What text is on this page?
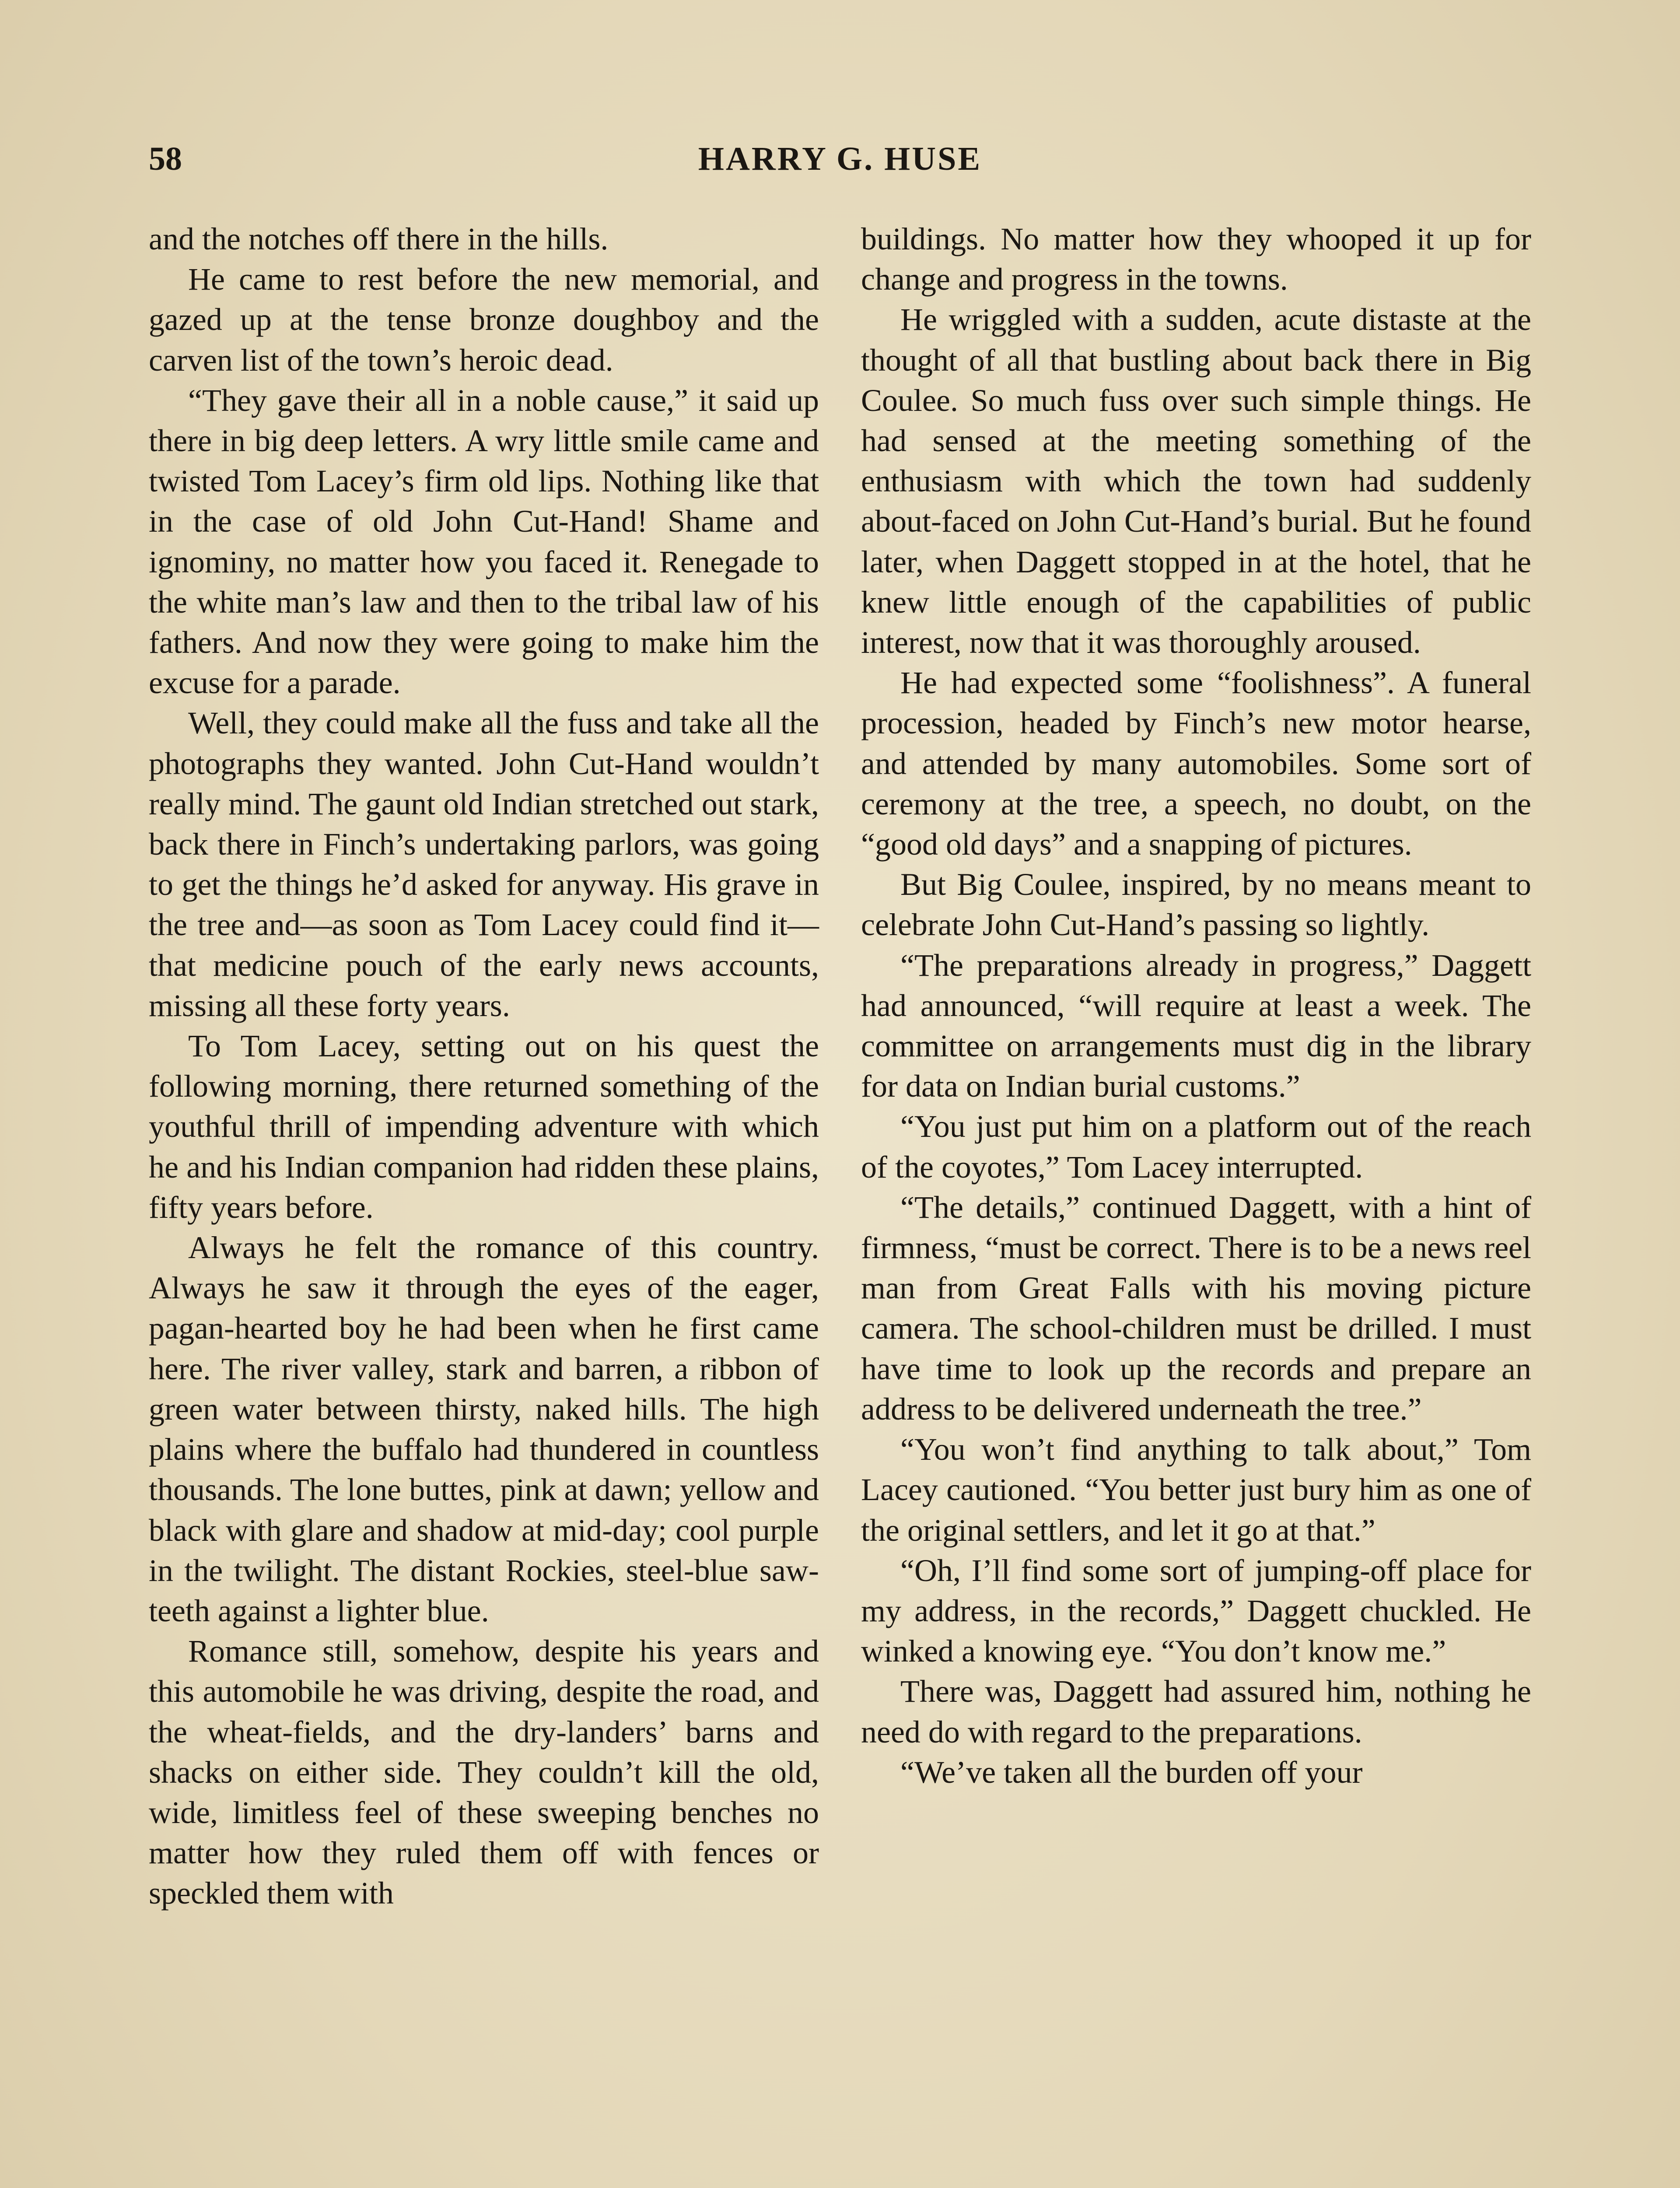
58	HARRY G. HUSE

and the notches off there in the hills.

He came to rest before the new memorial, and gazed up at the tense bronze doughboy and the carven list of the town’s heroic dead.

“They gave their all in a noble cause,” it said up there in big deep letters. A wry little smile came and twisted Tom Lacey’s firm old lips. Nothing like that in the case of old John Cut-Hand! Shame and ignominy, no matter how you faced it. Renegade to the white man’s law and then to the tribal law of his fathers. And now they were going to make him the excuse for a parade.

Well, they could make all the fuss and take all the photographs they wanted. John Cut-Hand wouldn’t really mind. The gaunt old Indian stretched out stark, back there in Finch’s undertaking parlors, was going to get the things he’d asked for anyway. His grave in the tree and—as soon as Tom Lacey could find it—that medicine pouch of the early news accounts, missing all these forty years.

To Tom Lacey, setting out on his quest the following morning, there returned something of the youthful thrill of impending adventure with which he and his Indian companion had ridden these plains, fifty years before.

Always he felt the romance of this country. Always he saw it through the eyes of the eager, pagan-hearted boy he had been when he first came here. The river valley, stark and barren, a ribbon of green water between thirsty, naked hills. The high plains where the buffalo had thundered in countless thousands. The lone buttes, pink at dawn; yellow and black with glare and shadow at mid-day; cool purple in the twilight. The distant Rockies, steel-blue saw-teeth against a lighter blue.

Romance still, somehow, despite his years and this automobile he was driving, despite the road, and the wheat-fields, and the dry-landers’ barns and shacks on either side. They couldn’t kill the old, wide, limitless feel of these sweeping benches no matter how they ruled them off with fences or speckled them with

buildings. No matter how they whooped it up for change and progress in the towns.

He wriggled with a sudden, acute distaste at the thought of all that bustling about back there in Big Coulee. So much fuss over such simple things. He had sensed at the meeting something of the enthusiasm with which the town had suddenly about-faced on John Cut-Hand’s burial. But he found later, when Daggett stopped in at the hotel, that he knew little enough of the capabilities of public interest, now that it was thoroughly aroused.

He had expected some “foolishness”. A funeral procession, headed by Finch’s new motor hearse, and attended by many automobiles. Some sort of ceremony at the tree, a speech, no doubt, on the “good old days” and a snapping of pictures.

But Big Coulee, inspired, by no means meant to celebrate John Cut-Hand’s passing so lightly.

“The preparations already in progress,” Daggett had announced, “will require at least a week. The committee on arrangements must dig in the library for data on Indian burial customs.”

“You just put him on a platform out of the reach of the coyotes,” Tom Lacey interrupted.

“The details,” continued Daggett, with a hint of firmness, “must be correct. There is to be a news reel man from Great Falls with his moving picture camera. The school-children must be drilled. I must have time to look up the records and prepare an address to be delivered underneath the tree.”

“You won’t find anything to talk about,” Tom Lacey cautioned. “You better just bury him as one of the original settlers, and let it go at that.”

“Oh, I’ll find some sort of jumping-off place for my address, in the records,” Daggett chuckled. He winked a knowing eye. “You don’t know me.”

There was, Daggett had assured him, nothing he need do with regard to the preparations.

“We’ve taken all the burden off your
